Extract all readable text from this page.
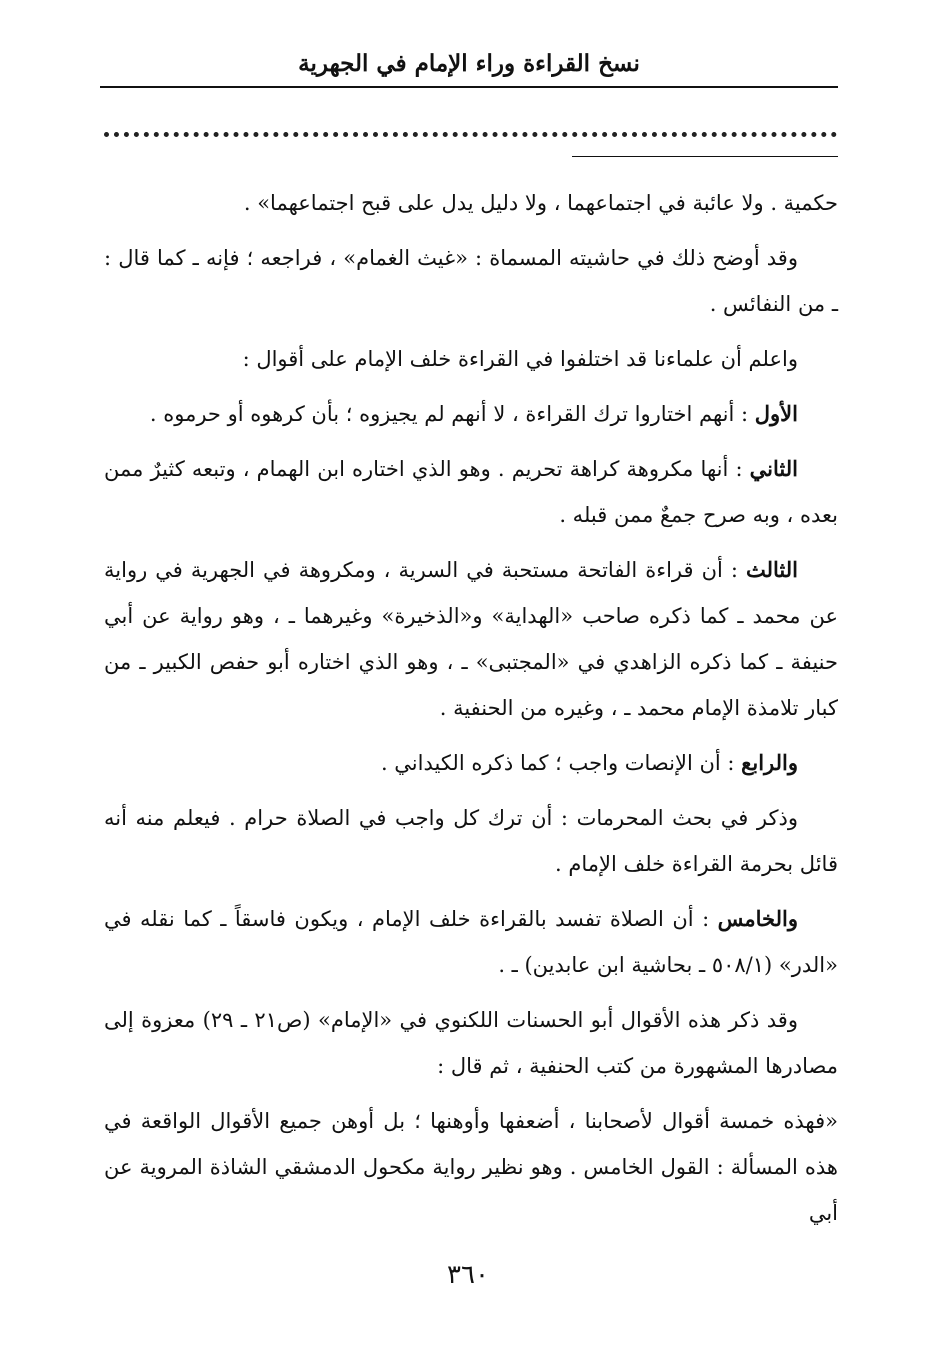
نسخ القراءة وراء الإمام في الجهرية

حكمية . ولا عائبة في اجتماعهما ، ولا دليل يدل على قبح اجتماعهما» .

وقد أوضح ذلك في حاشيته المسماة : «غيث الغمام» ، فراجعه ؛ فإنه ـ كما قال : ـ من النفائس .

واعلم أن علماءنا قد اختلفوا في القراءة خلف الإمام على أقوال :

الأول : أنهم اختاروا ترك القراءة ، لا أنهم لم يجيزوه ؛ بأن كرهوه أو حرموه .

الثاني : أنها مكروهة كراهة تحريم . وهو الذي اختاره ابن الهمام ، وتبعه كثيرٌ ممن بعده ، وبه صرح جمعٌ ممن قبله .

الثالث : أن قراءة الفاتحة مستحبة في السرية ، ومكروهة في الجهرية في رواية عن محمد ـ كما ذكره صاحب «الهداية» و«الذخيرة» وغيرهما ـ ، وهو رواية عن أبي حنيفة ـ كما ذكره الزاهدي في «المجتبى» ـ ، وهو الذي اختاره أبو حفص الكبير ـ من كبار تلامذة الإمام محمد ـ ، وغيره من الحنفية .

والرابع : أن الإنصات واجب ؛ كما ذكره الكيداني .

وذكر في بحث المحرمات : أن ترك كل واجب في الصلاة حرام . فيعلم منه أنه قائل بحرمة القراءة خلف الإمام .

والخامس : أن الصلاة تفسد بالقراءة خلف الإمام ، ويكون فاسقاً ـ كما نقله في «الدر» (٥٠٨/١ ـ بحاشية ابن عابدين) ـ .

وقد ذكر هذه الأقوال أبو الحسنات اللكنوي في «الإمام» (ص٢١ ـ ٢٩) معزوة إلى مصادرها المشهورة من كتب الحنفية ، ثم قال :

«فهذه خمسة أقوال لأصحابنا ، أضعفها وأوهنها ؛ بل أوهن جميع الأقوال الواقعة في هذه المسألة : القول الخامس . وهو نظير رواية مكحول الدمشقي الشاذة المروية عن أبي

٣٦٠
